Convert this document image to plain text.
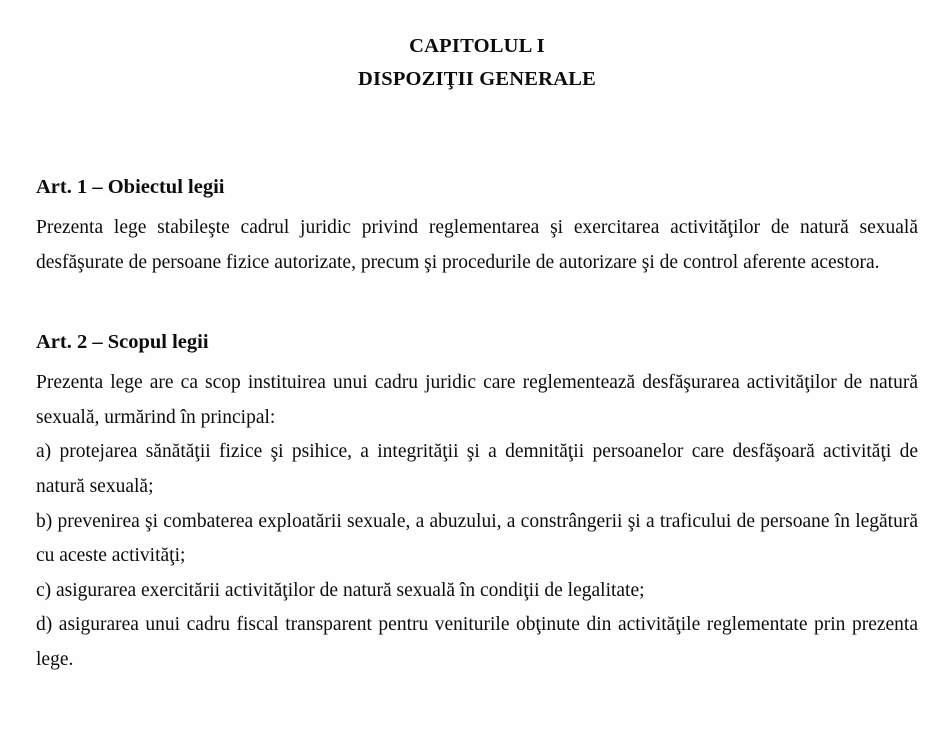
CAPITOLUL I
DISPOZIŢII GENERALE
Art. 1 – Obiectul legii

Prezenta lege stabileşte cadrul juridic privind reglementarea şi exercitarea activităţilor de natură sexuală desfăşurate de persoane fizice autorizate, precum şi procedurile de autorizare şi de control aferente acestora.

Art. 2 – Scopul legii

Prezenta lege are ca scop instituirea unui cadru juridic care reglementează desfăşurarea activităţilor de natură sexuală, urmărind în principal:

a) protejarea sănătăţii fizice şi psihice, a integrităţii şi a demnităţii persoanelor care desfăşoară activităţi de natură sexuală;

b) prevenirea şi combaterea exploatării sexuale, a abuzului, a constrângerii şi a traficului de persoane în legătură cu aceste activităţi;

c) asigurarea exercitării activităţilor de natură sexuală în condiţii de legalitate;

d) asigurarea unui cadru fiscal transparent pentru veniturile obţinute din activităţile reglementate prin prezenta lege.
